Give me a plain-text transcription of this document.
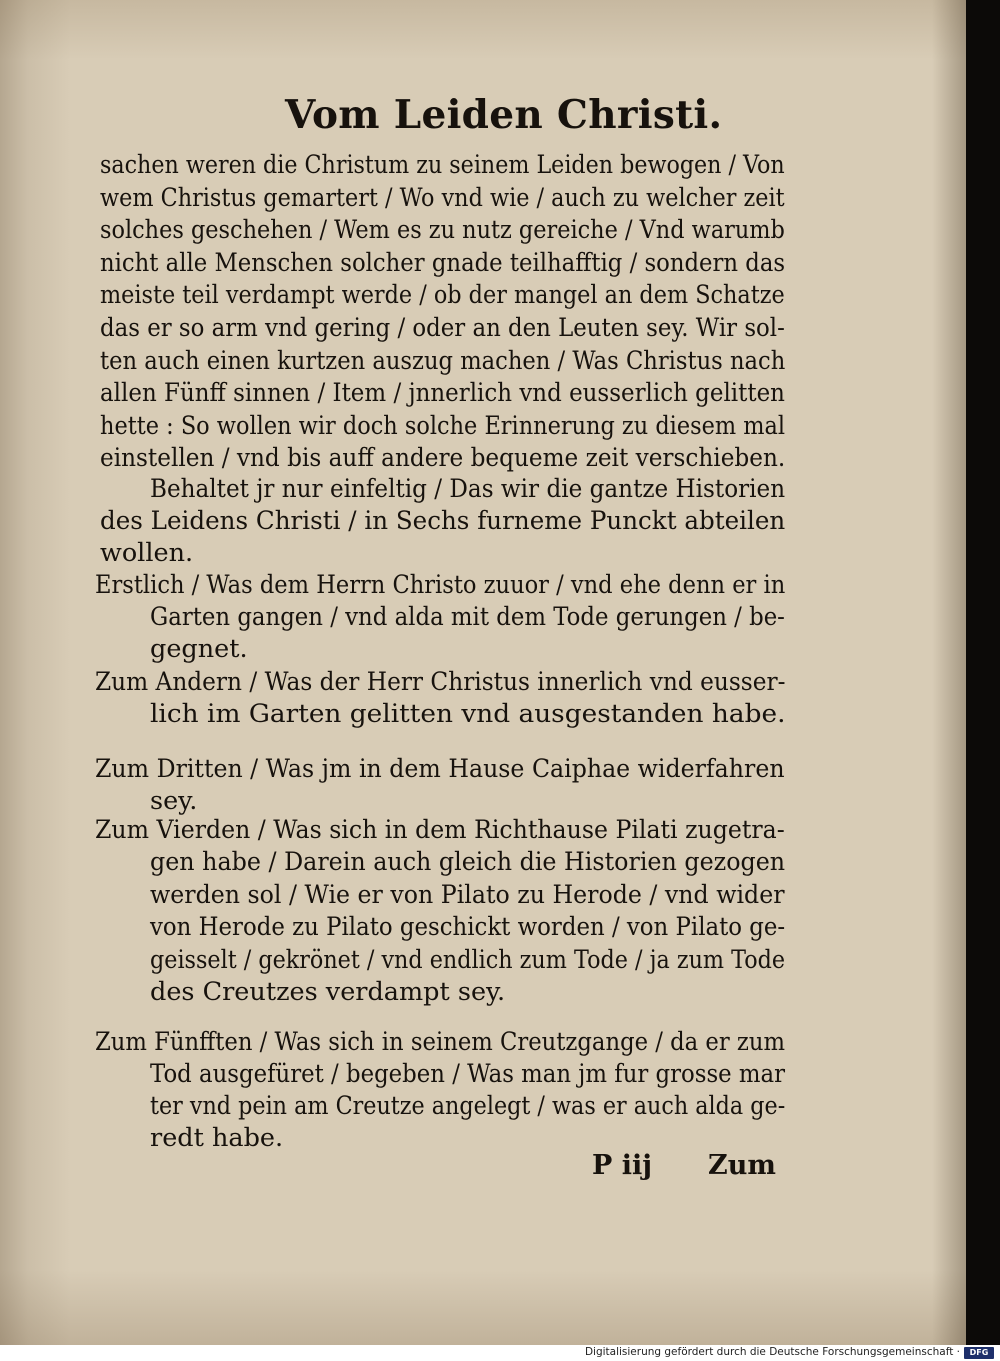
Vom Leiden Christi.
sachen weren die Christum zu seinem Leiden bewogen / Von
wem Christus gemartert / Wo vnd wie / auch zu welcher zeit
solches geschehen / Wem es zu nutz gereiche / Vnd warumb
nicht alle Menschen solcher gnade teilhafftig / sondern das
meiste teil verdampt werde / ob der mangel an dem Schatze
das er so arm vnd gering / oder an den Leuten sey. Wir sol-
ten auch einen kurtzen auszug machen / Was Christus nach
allen Fünff sinnen / Item / jnnerlich vnd eusserlich gelitten
hette : So wollen wir doch solche Erinnerung zu diesem mal
einstellen / vnd bis auff andere bequeme zeit verschieben.
Behaltet jr nur einfeltig / Das wir die gantze Historien
des Leidens Christi / in Sechs furneme Punckt abteilen
wollen.
Erstlich / Was dem Herrn Christo zuuor / vnd ehe denn er in
Garten gangen / vnd alda mit dem Tode gerungen / be-
gegnet.
Zum Andern / Was der Herr Christus innerlich vnd eusser-
lich im Garten gelitten vnd ausgestanden habe.
Zum Dritten / Was jm in dem Hause Caiphae widerfahren
sey.
Zum Vierden / Was sich in dem Richthause Pilati zugetra-
gen habe / Darein auch gleich die Historien gezogen
werden sol / Wie er von Pilato zu Herode / vnd wider
von Herode zu Pilato geschickt worden / von Pilato ge-
geisselt / gekrönet / vnd endlich zum Tode / ja zum Tode
des Creutzes verdampt sey.
Zum Fünfften / Was sich in seinem Creutzgange / da er zum
Tod ausgefüret / begeben / Was man jm fur grosse mar
ter vnd pein am Creutze angelegt / was er auch alda ge-
redt habe.
P iij Zum
Digitalisierung gefördert durch die Deutsche Forschungsgemeinschaft ·	DFG
